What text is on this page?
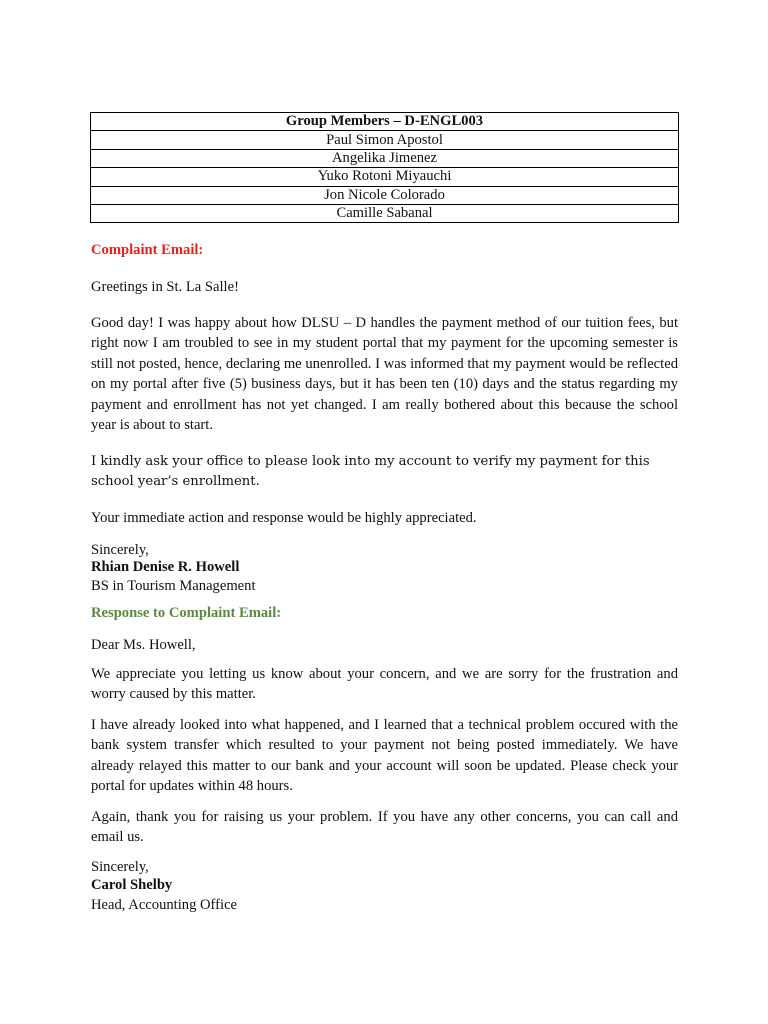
Group Members – D-ENGL003
Paul Simon Apostol
Angelika Jimenez
Yuko Rotoni Miyauchi
Jon Nicole Colorado
Camille Sabanal
Complaint Email:
Greetings in St. La Salle!
Good day! I was happy about how DLSU – D handles the payment method of our tuition fees, but right now I am troubled to see in my student portal that my payment for the upcoming semester is still not posted, hence, declaring me unenrolled. I was informed that my payment would be reflected on my portal after five (5) business days, but it has been ten (10) days and the status regarding my payment and enrollment has not yet changed. I am really bothered about this because the school year is about to start.
I kindly ask your office to please look into my account to verify my payment for this school year’s enrollment.
Your immediate action and response would be highly appreciated.
Sincerely,
Rhian Denise R. Howell
BS in Tourism Management
Response to Complaint Email:
Dear Ms. Howell,
We appreciate you letting us know about your concern, and we are sorry for the frustration and worry caused by this matter.
I have already looked into what happened, and I learned that a technical problem occured with the bank system transfer which resulted to your payment not being posted immediately. We have already relayed this matter to our bank and your account will soon be updated. Please check your portal for updates within 48 hours.
Again, thank you for raising us your problem. If you have any other concerns, you can call and email us.
Sincerely,
Carol Shelby
Head, Accounting Office
